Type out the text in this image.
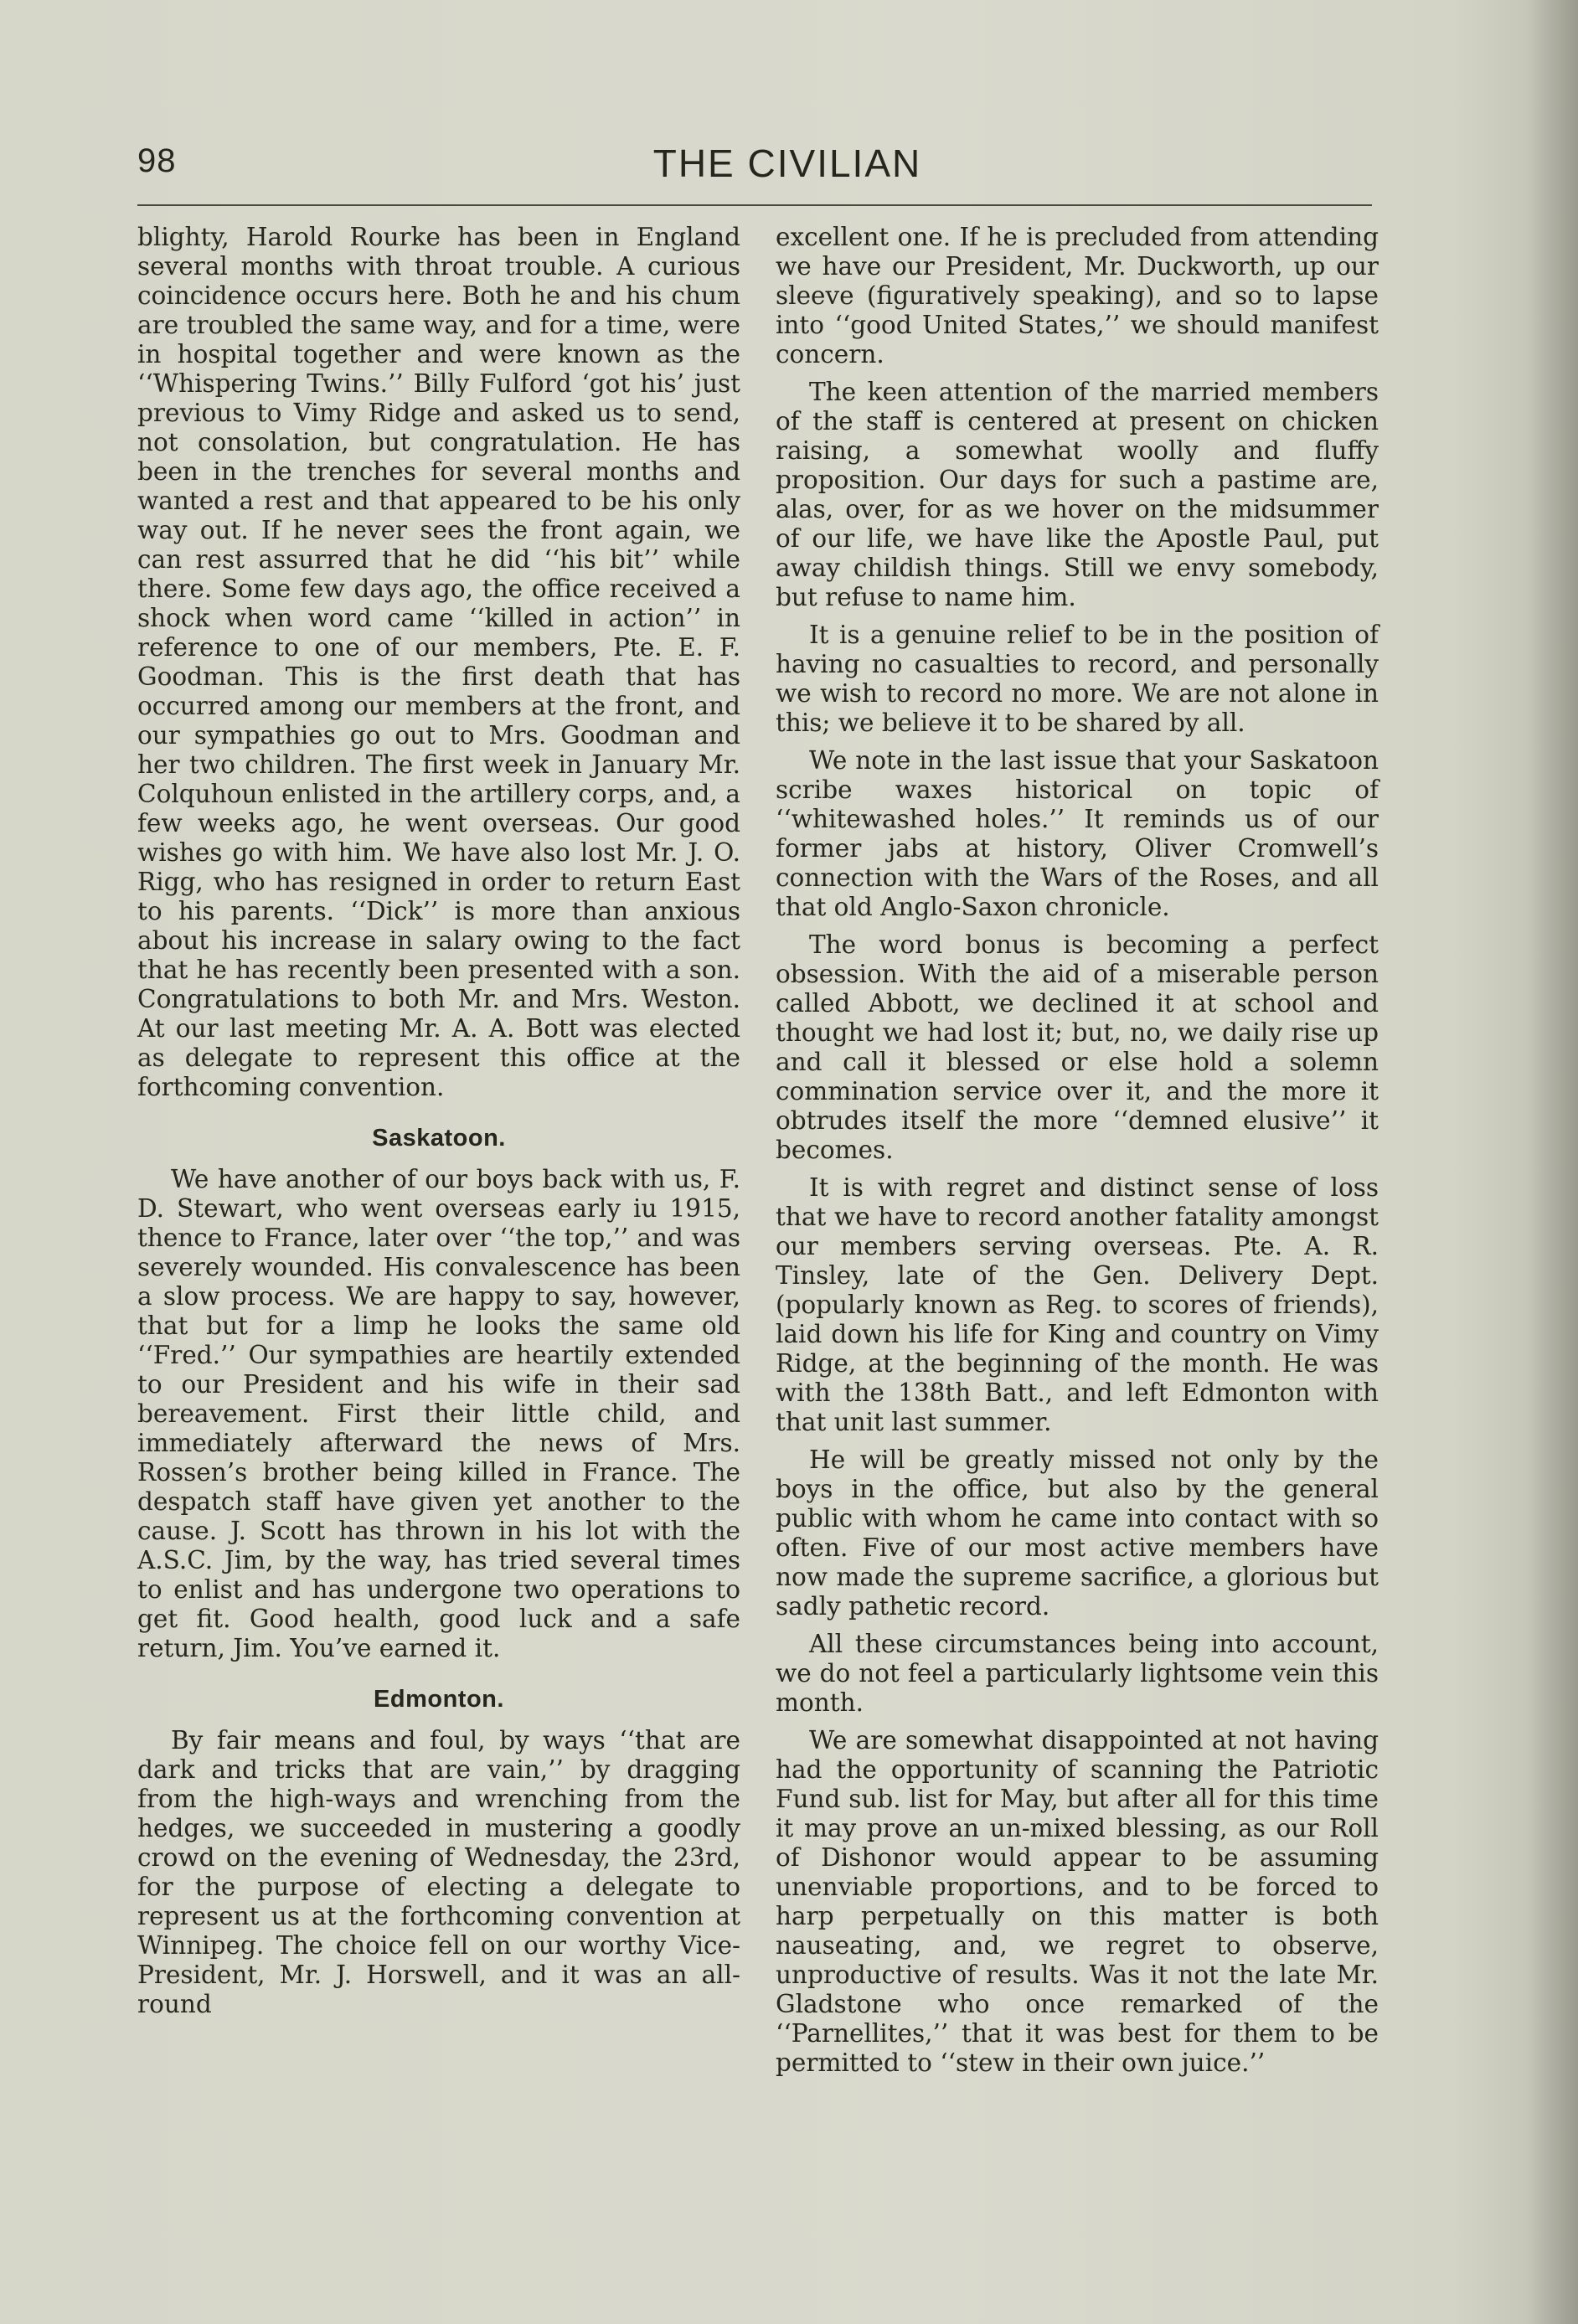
98	THE CIVILIAN

blighty, Harold Rourke has been in England several months with throat trouble. A curious coincidence occurs here. Both he and his chum are troubled the same way, and for a time, were in hospital together and were known as the ‘‘Whispering Twins.’’ Billy Fulford ‘got his’ just previous to Vimy Ridge and asked us to send, not consolation, but congratulation. He has been in the trenches for several months and wanted a rest and that appeared to be his only way out. If he never sees the front again, we can rest assurred that he did ‘‘his bit’’ while there. Some few days ago, the office received a shock when word came ‘‘killed in action’’ in reference to one of our members, Pte. E. F. Goodman. This is the first death that has occurred among our members at the front, and our sympathies go out to Mrs. Goodman and her two children. The first week in January Mr. Colquhoun enlisted in the artillery corps, and, a few weeks ago, he went overseas. Our good wishes go with him. We have also lost Mr. J. O. Rigg, who has resigned in order to return East to his parents. ‘‘Dick’’ is more than anxious about his increase in salary owing to the fact that he has recently been presented with a son. Congratulations to both Mr. and Mrs. Weston. At our last meeting Mr. A. A. Bott was elected as delegate to represent this office at the forthcoming convention.

Saskatoon.

We have another of our boys back with us, F. D. Stewart, who went overseas early iu 1915, thence to France, later over ‘‘the top,’’ and was severely wounded. His convalescence has been a slow process. We are happy to say, however, that but for a limp he looks the same old ‘‘Fred.’’ Our sympathies are heartily extended to our President and his wife in their sad bereavement. First their little child, and immediately afterward the news of Mrs. Rossen’s brother being killed in France. The despatch staff have given yet another to the cause. J. Scott has thrown in his lot with the A.S.C. Jim, by the way, has tried several times to enlist and has undergone two operations to get fit. Good health, good luck and a safe return, Jim. You’ve earned it.

Edmonton.

By fair means and foul, by ways ‘‘that are dark and tricks that are vain,’’ by dragging from the high-ways and wrenching from the hedges, we succeeded in mustering a goodly crowd on the evening of Wednesday, the 23rd, for the purpose of electing a delegate to represent us at the forthcoming convention at Winnipeg. The choice fell on our worthy Vice-President, Mr. J. Horswell, and it was an all-round

excellent one. If he is precluded from attending we have our President, Mr. Duckworth, up our sleeve (figuratively speaking), and so to lapse into ‘‘good United States,’’ we should manifest concern.

The keen attention of the married members of the staff is centered at present on chicken raising, a somewhat woolly and fluffy proposition. Our days for such a pastime are, alas, over, for as we hover on the midsummer of our life, we have like the Apostle Paul, put away childish things. Still we envy somebody, but refuse to name him.

It is a genuine relief to be in the position of having no casualties to record, and personally we wish to record no more. We are not alone in this; we believe it to be shared by all.

We note in the last issue that your Saskatoon scribe waxes historical on topic of ‘‘whitewashed holes.’’ It reminds us of our former jabs at history, Oliver Cromwell’s connection with the Wars of the Roses, and all that old Anglo-Saxon chronicle.

The word bonus is becoming a perfect obsession. With the aid of a miserable person called Abbott, we declined it at school and thought we had lost it; but, no, we daily rise up and call it blessed or else hold a solemn commination service over it, and the more it obtrudes itself the more ‘‘demned elusive’’ it becomes.

It is with regret and distinct sense of loss that we have to record another fatality amongst our members serving overseas. Pte. A. R. Tinsley, late of the Gen. Delivery Dept. (popularly known as Reg. to scores of friends), laid down his life for King and country on Vimy Ridge, at the beginning of the month. He was with the 138th Batt., and left Edmonton with that unit last summer.

He will be greatly missed not only by the boys in the office, but also by the general public with whom he came into contact with so often. Five of our most active members have now made the supreme sacrifice, a glorious but sadly pathetic record.

All these circumstances being into account, we do not feel a particularly lightsome vein this month.

We are somewhat disappointed at not having had the opportunity of scanning the Patriotic Fund sub. list for May, but after all for this time it may prove an un-mixed blessing, as our Roll of Dishonor would appear to be assuming unenviable proportions, and to be forced to harp perpetually on this matter is both nauseating, and, we regret to observe, unproductive of results. Was it not the late Mr. Gladstone who once remarked of the ‘‘Parnellites,’’ that it was best for them to be permitted to ‘‘stew in their own juice.’’
